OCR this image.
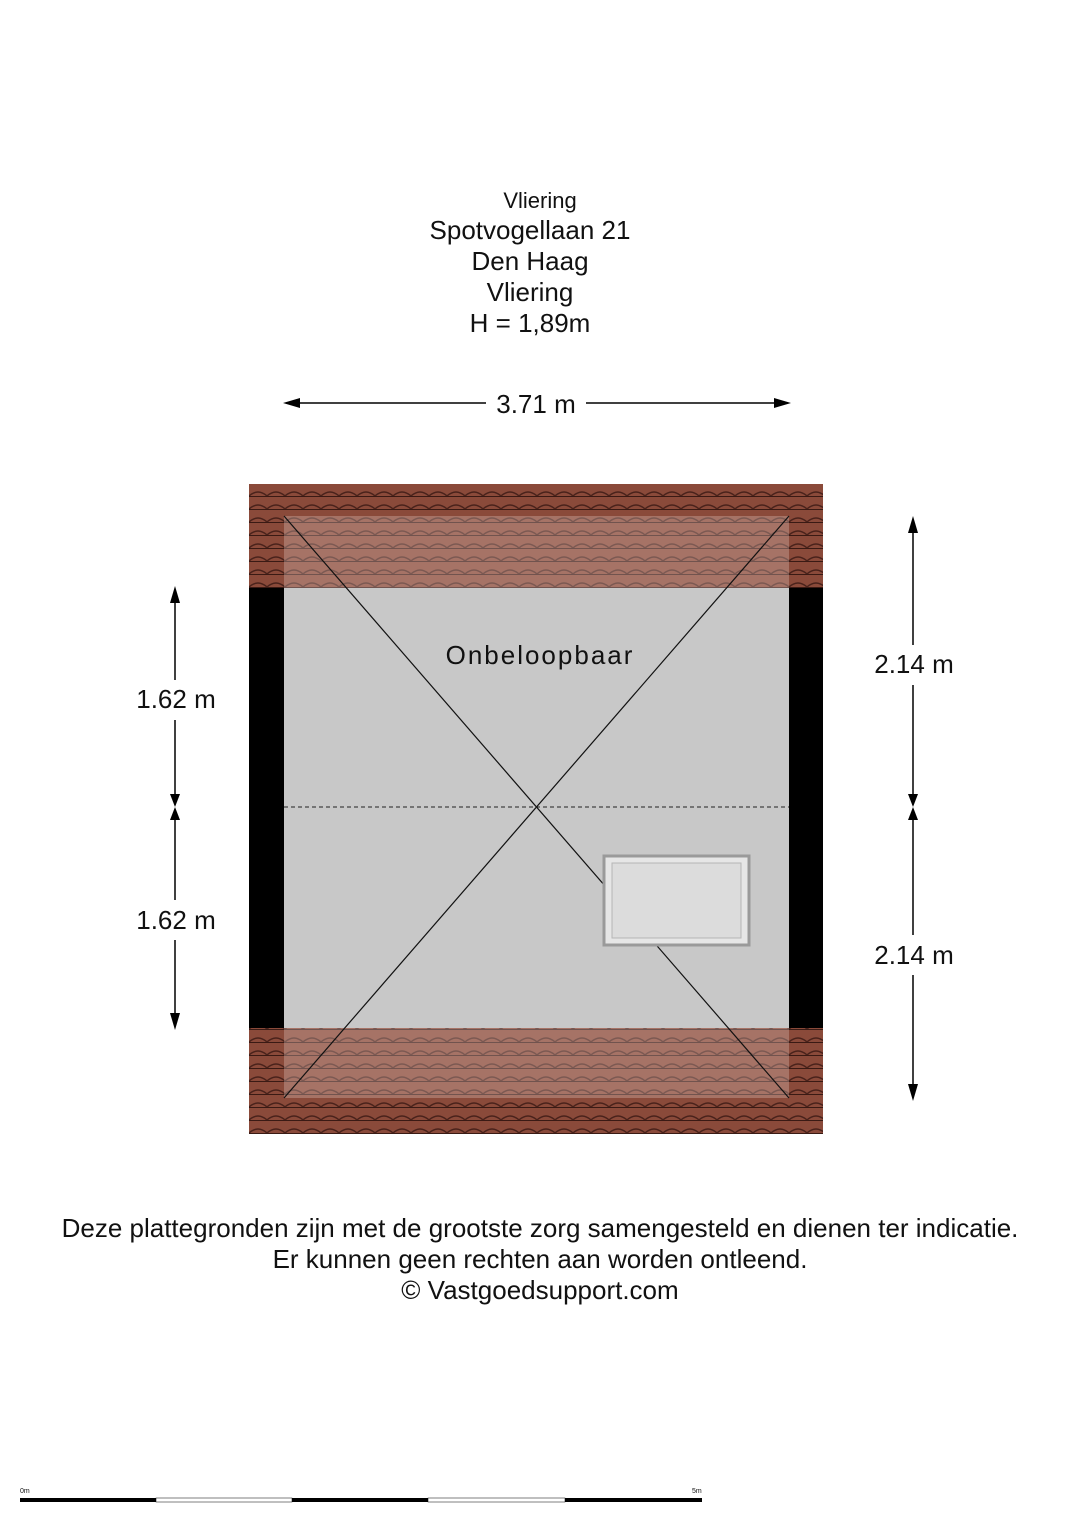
Vliering
Spotvogellaan 21
Den Haag
Vliering
H = 1,89m
3.71 m
1.62 m
1.62 m
2.14 m
2.14 m
Onbeloopbaar
Deze plattegronden zijn met de grootste zorg samengesteld en dienen ter indicatie.
Er kunnen geen rechten aan worden ontleend.
© Vastgoedsupport.com
0m	5m
